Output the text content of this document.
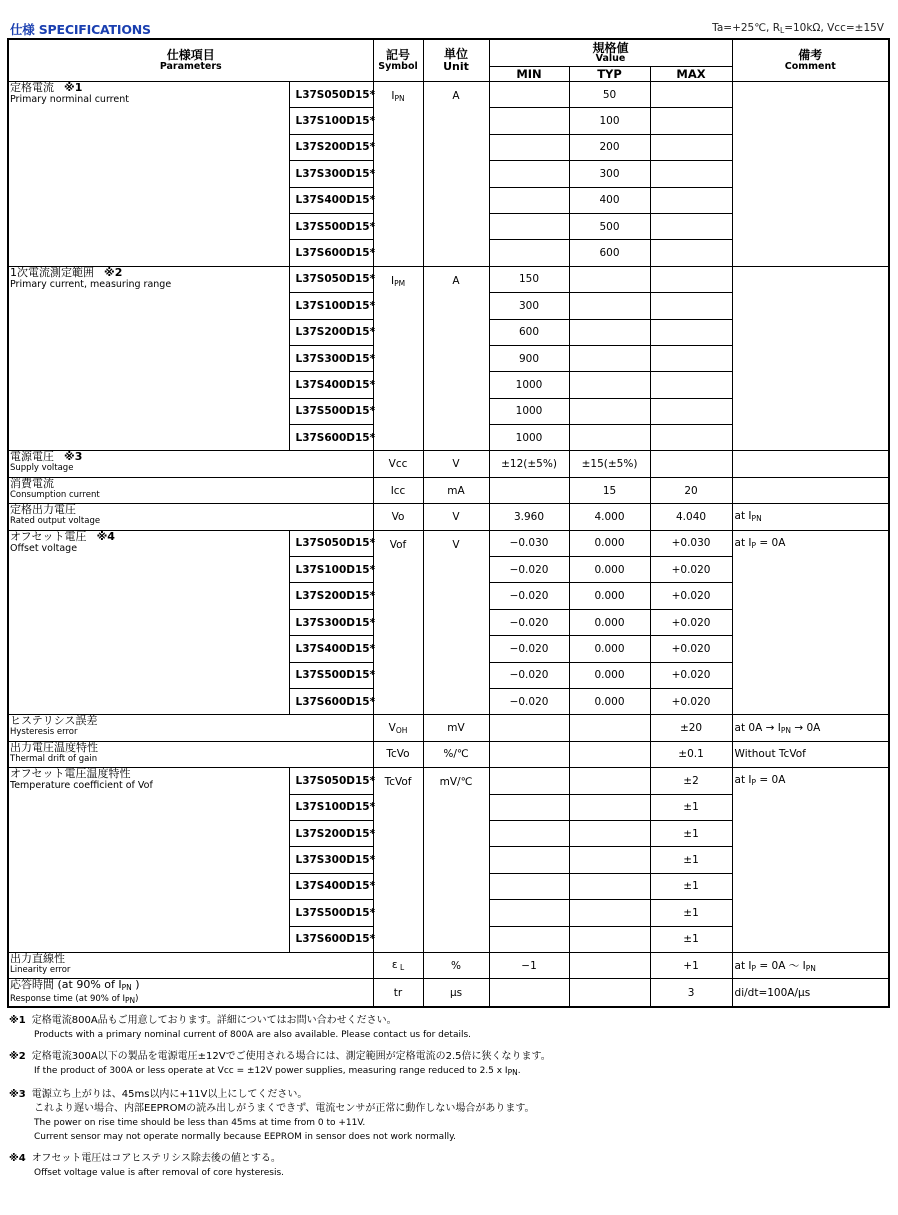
仕様 SPECIFICATIONS	Ta=+25℃, $R_L=10k\Omega$, Vcc=±15V
仕様項目
Parameters		記号
Symbol	単位
Unit	規格値
Value			備考
Comment

				MIN	TYP	MAX	

定格電流 ※1
Primary norminal current	L37S050D15*	$I_{PN}$	A		50		
	L37S100D15*				100		
	L37S200D15*				200		
	L37S300D15*				300		
	L37S400D15*				400		
	L37S500D15*				500		
	L37S600D15*				600		

1次電流測定範囲 ※2
Primary current, measuring range	L37S050D15*	$I_{PM}$	A	150			
	L37S100D15*			300			
	L37S200D15*			600			
	L37S300D15*			900			
	L37S400D15*			1000			
	L37S500D15*			1000			
	L37S600D15*			1000			

電源電圧 ※3
Supply voltage		Vcc	V	±12(±5%)	±15(±5%)		

消費電流
Consumption current		Icc	mA		15	20	

定格出力電圧
Rated output voltage		Vo	V	3.960	4.000	4.040	at $I_{PN}$

オフセット電圧 ※4
Offset voltage	L37S050D15*	Vof	V	−0.030	0.000	+0.030	at $I_P = 0A$
	L37S100D15*			−0.020	0.000	+0.020	
	L37S200D15*			−0.020	0.000	+0.020	
	L37S300D15*			−0.020	0.000	+0.020	
	L37S400D15*			−0.020	0.000	+0.020	
	L37S500D15*			−0.020	0.000	+0.020	
	L37S600D15*			−0.020	0.000	+0.020	

ヒステリシス誤差
Hysteresis error		$V_{OH}$	mV			±20	at $0A \to I_{PN} \to 0A$

出力電圧温度特性
Thermal drift of gain		TcVo	%/℃			±0.1	Without TcVof

オフセット電圧温度特性
Temperature coefficient of Vof	L37S050D15*	TcVof	mV/℃			±2	at $I_P = 0A$
	L37S100D15*					±1	
	L37S200D15*					±1	
	L37S300D15*					±1	
	L37S400D15*					±1	
	L37S500D15*					±1	
	L37S600D15*					±1	

出力直線性
Linearity error		ε $_L$	%	−1		+1	at $I_P = 0A$ 〜 $I_{PN}$

応答時間 (at 90% of $I_{PN}$ )
Response time (at 90% of $I_{PN}$)		tr	μs			3	di/dt=100A/μs
※1 定格電流800A品もご用意しております。詳細についてはお問い合わせください。
Products with a primary nominal current of 800A are also available. Please contact us for details.
※2 定格電流300A以下の製品を電源電圧±12Vでご使用される場合には、測定範囲が定格電流の2.5倍に狭くなります。
If the product of 300A or less operate at Vcc = ±12V power supplies, measuring range reduced to 2.5 x $I_{PN}$.
※3 電源立ち上がりは、45ms以内に+11V以上にしてください。
これより遅い場合、内部EEPROMの読み出しがうまくできず、電流センサが正常に動作しない場合があります。
The power on rise time should be less than 45ms at time from 0 to +11V.
Current sensor may not operate normally because EEPROM in sensor does not work normally.
※4 オフセット電圧はコアヒステリシス除去後の値とする。
Offset voltage value is after removal of core hysteresis.
